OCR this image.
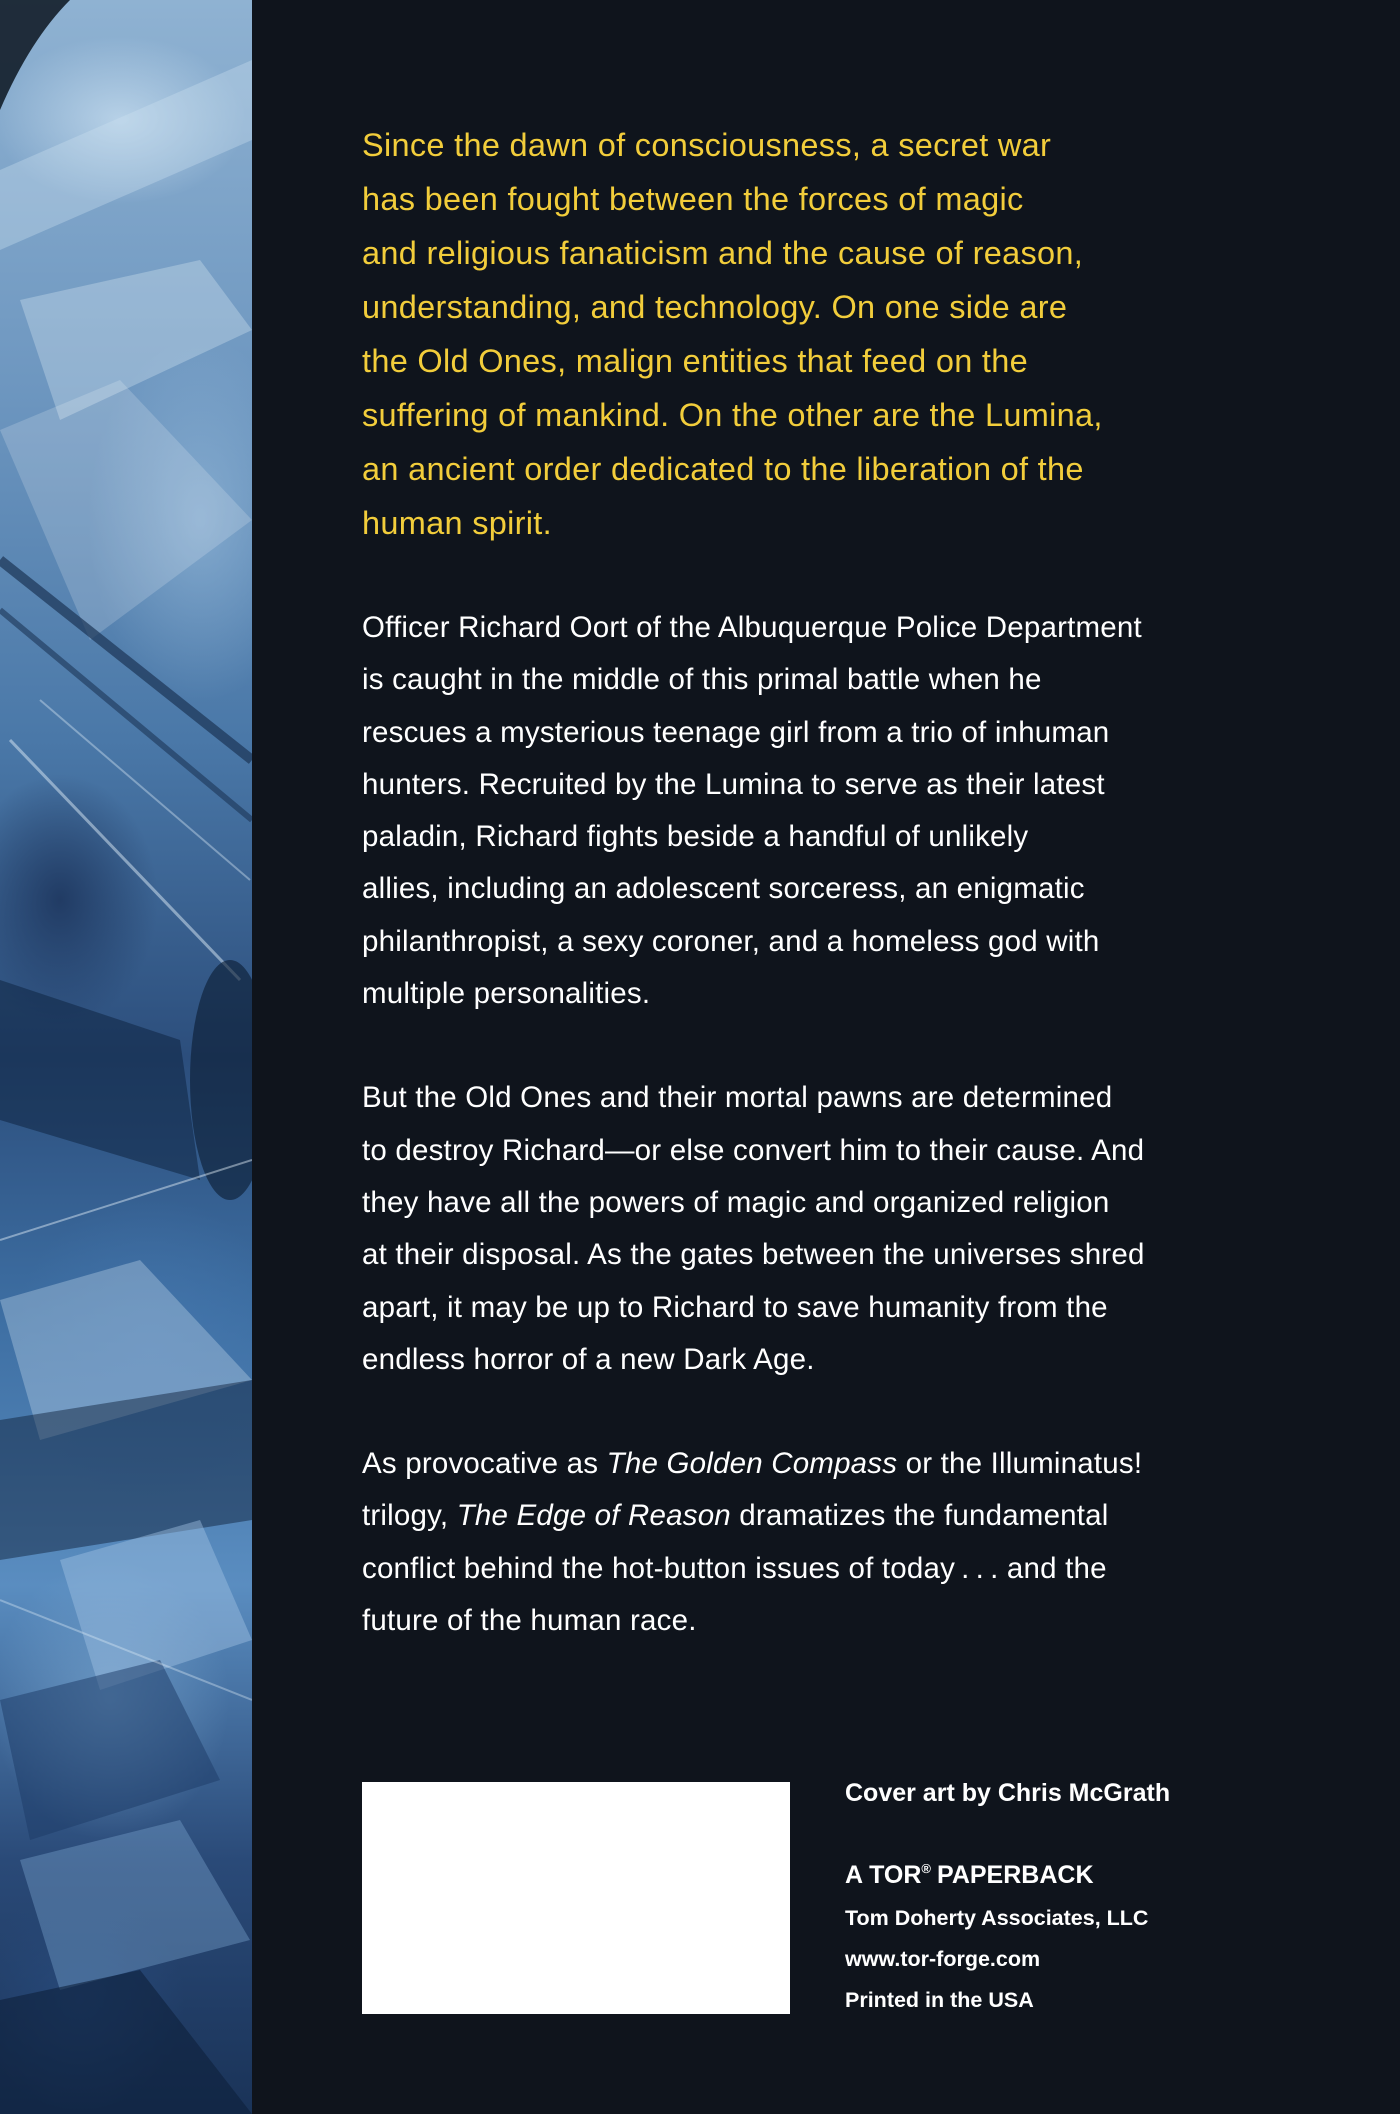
Since the dawn of consciousness, a secret war
has been fought between the forces of magic
and religious fanaticism and the cause of reason,
understanding, and technology. On one side are
the Old Ones, malign entities that feed on the
suffering of mankind. On the other are the Lumina,
an ancient order dedicated to the liberation of the
human spirit.

Officer Richard Oort of the Albuquerque Police Department
is caught in the middle of this primal battle when he
rescues a mysterious teenage girl from a trio of inhuman
hunters. Recruited by the Lumina to serve as their latest
paladin, Richard fights beside a handful of unlikely
allies, including an adolescent sorceress, an enigmatic
philanthropist, a sexy coroner, and a homeless god with
multiple personalities.

But the Old Ones and their mortal pawns are determined
to destroy Richard—or else convert him to their cause. And
they have all the powers of magic and organized religion
at their disposal. As the gates between the universes shred
apart, it may be up to Richard to save humanity from the
endless horror of a new Dark Age.

As provocative as The Golden Compass or the Illuminatus!
trilogy, The Edge of Reason dramatizes the fundamental
conflict behind the hot-button issues of today . . . and the
future of the human race.

Cover art by Chris McGrath

A TOR® PAPERBACK

Tom Doherty Associates, LLC

www.tor-forge.com

Printed in the USA
